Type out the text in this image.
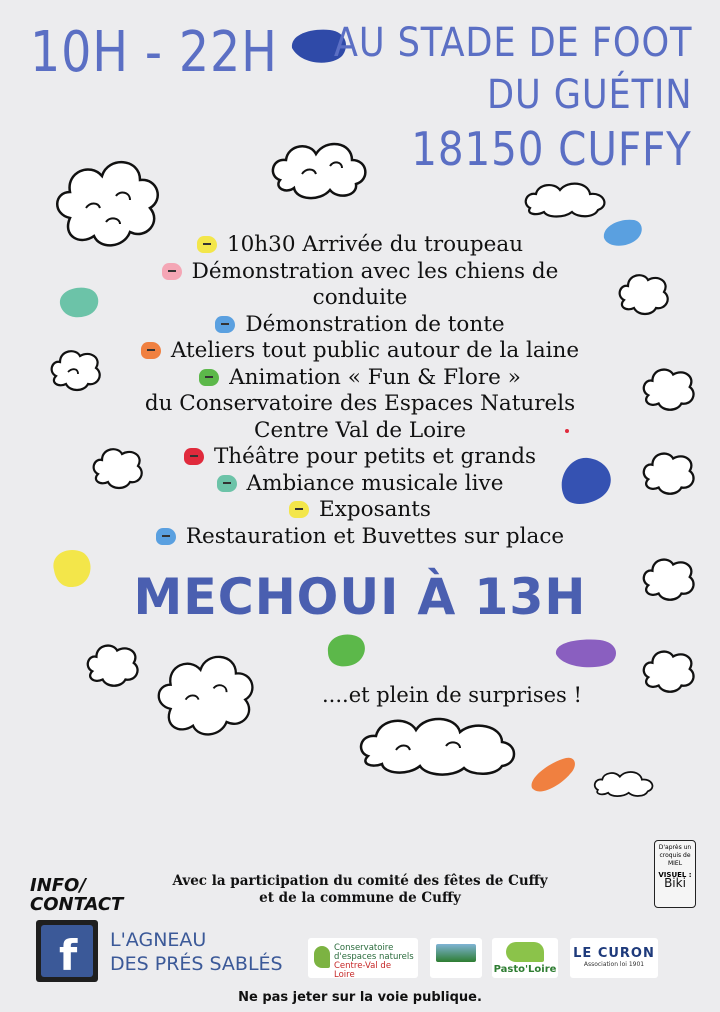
10H - 22H AU STADE DE FOOT
DU GUÉTIN
18150 CUFFY
10h30 Arrivée du troupeau
Démonstration avec les chiens de
conduite
Démonstration de tonte
Ateliers tout public autour de la laine
Animation « Fun & Flore »
du Conservatoire des Espaces Naturels
Centre Val de Loire
Théâtre pour petits et grands
Ambiance musicale live
Exposants
Restauration et Buvettes sur place
MECHOUI À 13H
....et plein de surprises !
INFO/
CONTACT
f L'AGNEAU
DES PRÉS SABLÉS
Avec la participation du comité des fêtes de Cuffy
et de la commune de Cuffy
D'après un
croquis de
MIEL
VISUEL :
Biki
Conservatoire
d'espaces naturels
Centre-Val de Loire	Pasto'Loire
LE CURON
Association loi 1901
Ne pas jeter sur la voie publique.
